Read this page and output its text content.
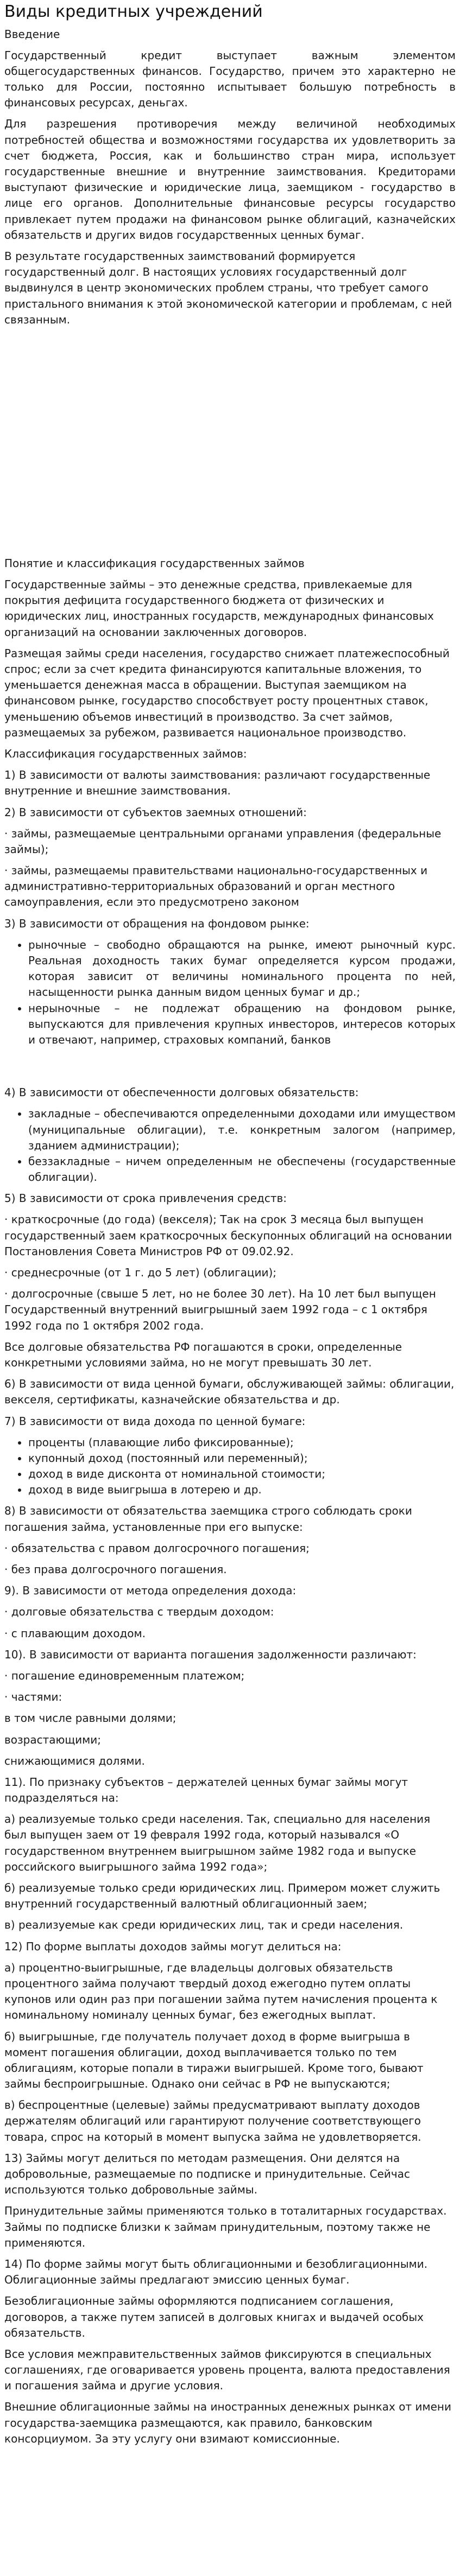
Виды кредитных учреждений

Введение

Государственный кредит выступает важным элементом общегосударственных финансов. Государство, причем это характерно не только для России, постоянно испытывает большую потребность в финансовых ресурсах, деньгах.

Для разрешения противоречия между величиной необходимых потребностей общества и возможностями государства их удовлетворить за счет бюджета, Россия, как и большинство стран мира, использует государственные внешние и внутренние заимствования. Кредиторами выступают физические и юридические лица, заемщиком - государство в лице его органов. Дополнительные финансовые ресурсы государство привлекает путем продажи на финансовом рынке облигаций, казначейских обязательств и других видов государственных ценных бумаг.

В результате государственных заимствований формируется государственный долг. В настоящих условиях государственный долг выдвинулся в центр экономических проблем страны, что требует самого пристального внимания к этой экономической категории и проблемам, с ней связанным.

Понятие и классификация государственных займов

Государственные займы – это денежные средства, привлекаемые для покрытия дефицита государственного бюджета от физических и юридических лиц, иностранных государств, международных финансовых организаций на основании заключенных договоров.

Размещая займы среди населения, государство снижает платежеспособный спрос; если за счет кредита финансируются капитальные вложения, то уменьшается денежная масса в обращении. Выступая заемщиком на финансовом рынке, государство способствует росту процентных ставок, уменьшению объемов инвестиций в производство. За счет займов, размещаемых за рубежом, развивается национальное производство.

Классификация государственных займов:

1) В зависимости от валюты заимствования: различают государственные внутренние и внешние заимствования.

2) В зависимости от субъектов заемных отношений:

· займы, размещаемые центральными органами управления (федеральные займы);

· займы, размещаемы правительствами национально-государственных и административно-территориальных образований и орган местного самоуправления, если это предусмотрено законом

3) В зависимости от обращения на фондовом рынке:

• рыночные – свободно обращаются на рынке, имеют рыночный курс. Реальная доходность таких бумаг определяется курсом продажи, которая зависит от величины номинального процента по ней, насыщенности рынка данным видом ценных бумаг и др.;
• нерыночные – не подлежат обращению на фондовом рынке, выпускаются для привлечения крупных инвесторов, интересов которых и отвечают, например, страховых компаний, банков

4) В зависимости от обеспеченности долговых обязательств:

• закладные – обеспечиваются определенными доходами или имуществом (муниципальные облигации), т.е. конкретным залогом (например, зданием администрации);
• беззакладные – ничем определенным не обеспечены (государственные облигации).

5) В зависимости от срока привлечения средств:

· краткосрочные (до года) (векселя); Так на срок 3 месяца был выпущен государственный заем краткосрочных бескупонных облигаций на основании Постановления Совета Министров РФ от 09.02.92.

· среднесрочные (от 1 г. до 5 лет) (облигации);

· долгосрочные (свыше 5 лет, но не более 30 лет). На 10 лет был выпущен Государственный внутренний выигрышный заем 1992 года – с 1 октября 1992 года по 1 октября 2002 года.

Все долговые обязательства РФ погашаются в сроки, определенные конкретными условиями займа, но не могут превышать 30 лет.

6) В зависимости от вида ценной бумаги, обслуживающей займы: облигации, векселя, сертификаты, казначейские обязательства и др.

7) В зависимости от вида дохода по ценной бумаге:

• проценты (плавающие либо фиксированные);
• купонный доход (постоянный или переменный);
• доход в виде дисконта от номинальной стоимости;
• доход в виде выигрыша в лотерею и др.

8) В зависимости от обязательства заемщика строго соблюдать сроки погашения займа, установленные при его выпуске:

· обязательства с правом долгосрочного погашения;

· без права долгосрочного погашения.

9). В зависимости от метода определения дохода:

· долговые обязательства с твердым доходом:

· с плавающим доходом.

10). В зависимости от варианта погашения задолженности различают:

· погашение единовременным платежом;

· частями:

в том числе равными долями;

возрастающими;

снижающимися долями.

11). По признаку субъектов – держателей ценных бумаг займы могут подразделяться на:

а) реализуемые только среди населения. Так, специально для населения был выпущен заем от 19 февраля 1992 года, который назывался «О государственном внутреннем выигрышном займе 1982 года и выпуске российского выигрышного займа 1992 года»;

б) реализуемые только среди юридических лиц. Примером может служить внутренний государственный валютный облигационный заем;

в) реализуемые как среди юридических лиц, так и среди населения.

12) По форме выплаты доходов займы могут делиться на:

а) процентно-выигрышные, где владельцы долговых обязательств процентного займа получают твердый доход ежегодно путем оплаты купонов или один раз при погашении займа путем начисления процента к номинальному номиналу ценных бумаг, без ежегодных выплат.

б) выигрышные, где получатель получает доход в форме выигрыша в момент погашения облигации, доход выплачивается только по тем облигациям, которые попали в тиражи выигрышей. Кроме того, бывают займы беспроигрышные. Однако они сейчас в РФ не выпускаются;

в) беспроцентные (целевые) займы предусматривают выплату доходов держателям облигаций или гарантируют получение соответствующего товара, спрос на который в момент выпуска займа не удовлетворяется.

13) Займы могут делиться по методам размещения. Они делятся на добровольные, размещаемые по подписке и принудительные. Сейчас используются только добровольные займы.

Принудительные займы применяются только в тоталитарных государствах. Займы по подписке близки к займам принудительным, поэтому также не применяются.

14) По форме займы могут быть облигационными и безоблигационными. Облигационные займы предлагают эмиссию ценных бумаг.

Безоблигационные займы оформляются подписанием соглашения, договоров, а также путем записей в долговых книгах и выдачей особых обязательств.

Все условия межправительственных займов фиксируются в специальных соглашениях, где оговаривается уровень процента, валюта предоставления и погашения займа и другие условия.

Внешние облигационные займы на иностранных денежных рынках от имени государства-заемщика размещаются, как правило, банковским консорциумом. За эту услугу они взимают комиссионные.
